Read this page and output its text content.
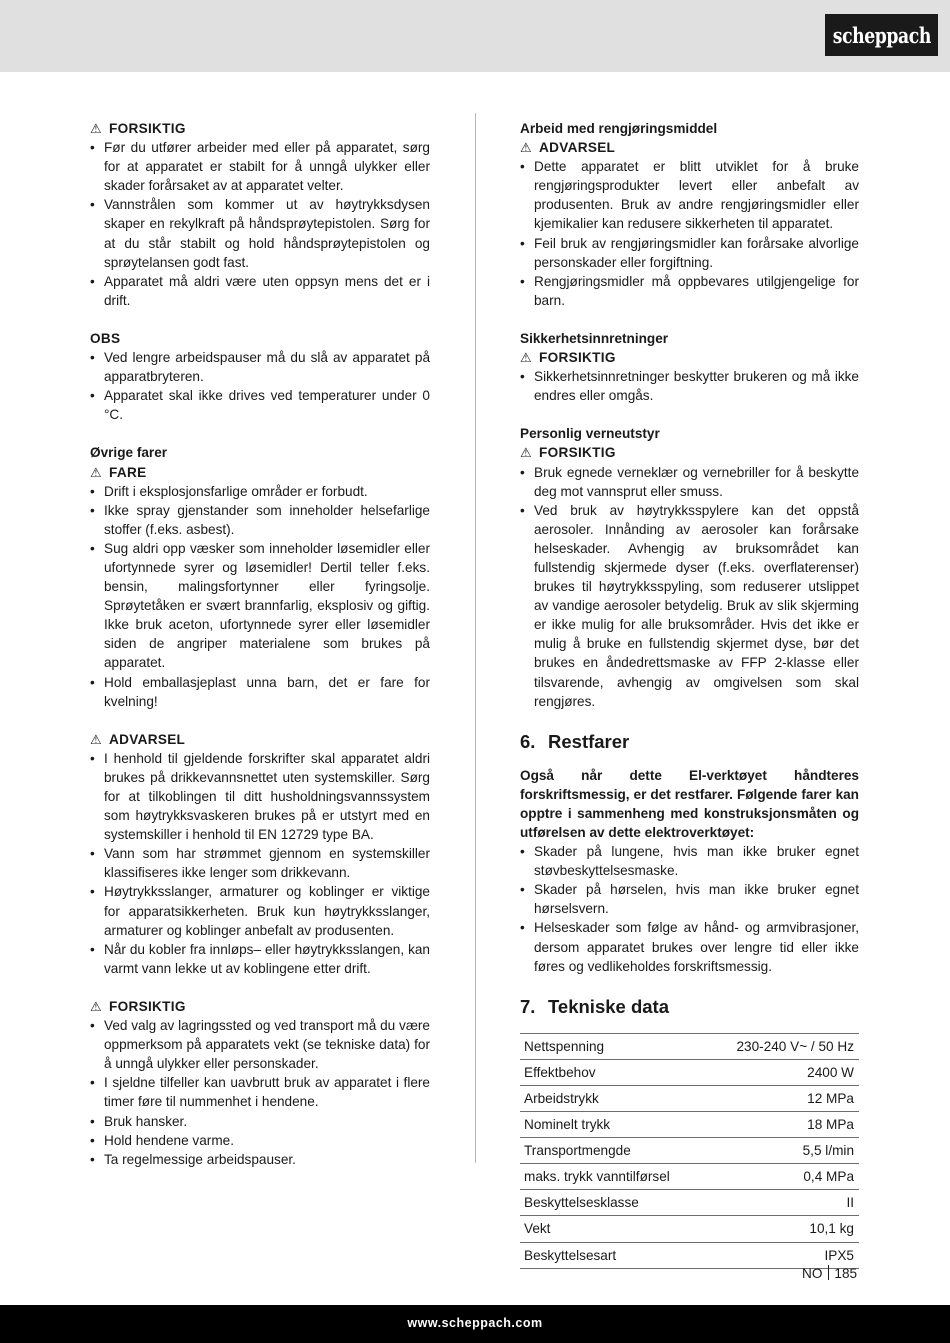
scheppach
⚠ FORSIKTIG
• Før du utfører arbeider med eller på apparatet, sørg for at apparatet er stabilt for å unngå ulykker eller skader forårsaket av at apparatet velter.
• Vannstrålen som kommer ut av høytrykksdysen skaper en rekylkraft på håndsprøytepistolen. Sørg for at du står stabilt og hold håndsprøytepistolen og sprøytelansen godt fast.
• Apparatet må aldri være uten oppsyn mens det er i drift.
OBS
• Ved lengre arbeidspauser må du slå av apparatet på apparatbryteren.
• Apparatet skal ikke drives ved temperaturer under 0 °C.
Øvrige farer
⚠ FARE
• Drift i eksplosjonsfarlige områder er forbudt.
• Ikke spray gjenstander som inneholder helsefarlige stoffer (f.eks. asbest).
• Sug aldri opp væsker som inneholder løsemidler eller ufortynnede syrer og løsemidler! Dertil teller f.eks. bensin, malingsfortynner eller fyringsolje. Sprøytetåken er svært brannfarlig, eksplosiv og giftig. Ikke bruk aceton, ufortynnede syrer eller løsemidler siden de angriper materialene som brukes på apparatet.
• Hold emballasjeplast unna barn, det er fare for kvelning!
⚠ ADVARSEL
• I henhold til gjeldende forskrifter skal apparatet aldri brukes på drikkevannsnettet uten systemskiller. Sørg for at tilkoblingen til ditt husholdningsvannssystem som høytrykksvaskeren brukes på er utstyrt med en systemskiller i henhold til EN 12729 type BA.
• Vann som har strømmet gjennom en systemskiller klassifiseres ikke lenger som drikkevann.
• Høytrykksslanger, armaturer og koblinger er viktige for apparatsikkerheten. Bruk kun høytrykksslanger, armaturer og koblinger anbefalt av produsenten.
• Når du kobler fra innløps– eller høytrykksslangen, kan varmt vann lekke ut av koblingene etter drift.
⚠ FORSIKTIG
• Ved valg av lagringssted og ved transport må du være oppmerksom på apparatets vekt (se tekniske data) for å unngå ulykker eller personskader.
• I sjeldne tilfeller kan uavbrutt bruk av apparatet i flere timer føre til nummenhet i hendene.
• Bruk hansker.
• Hold hendene varme.
• Ta regelmessige arbeidspauser.
Arbeid med rengjøringsmiddel
⚠ ADVARSEL
• Dette apparatet er blitt utviklet for å bruke rengjøringsprodukter levert eller anbefalt av produsenten. Bruk av andre rengjøringsmidler eller kjemikalier kan redusere sikkerheten til apparatet.
• Feil bruk av rengjøringsmidler kan forårsake alvorlige personskader eller forgiftning.
• Rengjøringsmidler må oppbevares utilgjengelige for barn.
Sikkerhetsinnretninger
⚠ FORSIKTIG
• Sikkerhetsinnretninger beskytter brukeren og må ikke endres eller omgås.
Personlig verneutstyr
⚠ FORSIKTIG
• Bruk egnede verneklær og vernebriller for å beskytte deg mot vannsprut eller smuss.
• Ved bruk av høytrykksspylere kan det oppstå aerosoler. Innånding av aerosoler kan forårsake helseskader. Avhengig av bruksområdet kan fullstendig skjermede dyser (f.eks. overflaterenser) brukes til høytrykksspyling, som reduserer utslippet av vandige aerosoler betydelig. Bruk av slik skjerming er ikke mulig for alle bruksområder. Hvis det ikke er mulig å bruke en fullstendig skjermet dyse, bør det brukes en åndedrettsmaske av FFP 2-klasse eller tilsvarende, avhengig av omgivelsen som skal rengjøres.
6. Restfarer
Også når dette El-verktøyet håndteres forskriftsmessig, er det restfarer. Følgende farer kan opptre i sammenheng med konstruksjonsmåten og utførelsen av dette elektroverktøyet:
• Skader på lungene, hvis man ikke bruker egnet støvbeskyttelsesmaske.
• Skader på hørselen, hvis man ikke bruker egnet hørselsvern.
• Helseskader som følge av hånd- og armvibrasjoner, dersom apparatet brukes over lengre tid eller ikke føres og vedlikeholdes forskriftsmessig.
7. Tekniske data
Nettspenning	230-240 V~ / 50 Hz
Effektbehov	2400 W
Arbeidstrykk	12 MPa
Nominelt trykk	18 MPa
Transportmengde	5,5 l/min
maks. trykk vanntilførsel	0,4 MPa
Beskyttelsesklasse	II
Vekt	10,1 kg
Beskyttelsesart	IPX5
NO 185
www.scheppach.com
